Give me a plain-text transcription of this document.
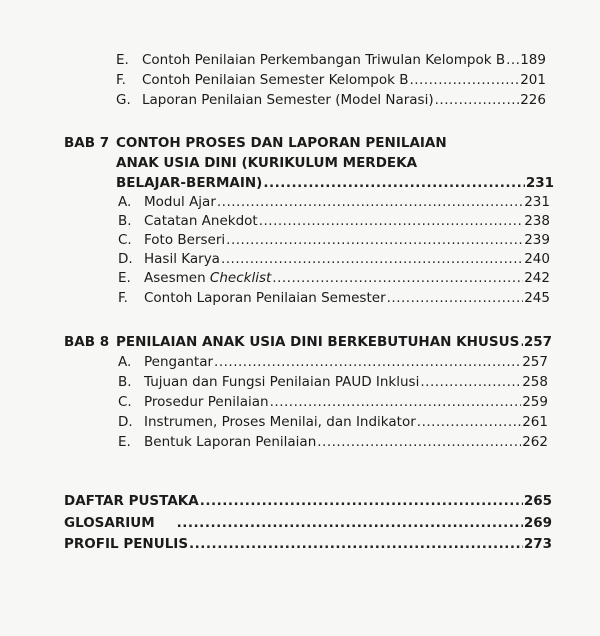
E. Contoh Penilaian Perkembangan Triwulan Kelompok B ..... 189
F.	Contoh Penilaian Semester Kelompok B .....	201
G. Laporan Penilaian Semester (Model Narasi) .....	226
BAB 7 CONTOH PROSES DAN LAPORAN PENILAIAN
ANAK USIA DINI (KURIKULUM MERDEKA
BELAJAR-BERMAIN) .....	231
A. Modul Ajar .....	231
B. Catatan Anekdot .....	238
C. Foto Berseri .....	239
D. Hasil Karya .....	240
E. Asesmen Checklist .....	242
F.	Contoh Laporan Penilaian Semester .....	245
BAB 8 PENILAIAN ANAK USIA DINI BERKEBUTUHAN KHUSUS ..... 257
A. Pengantar .....	257
B. Tujuan dan Fungsi Penilaian PAUD Inklusi .....	258
C. Prosedur Penilaian .....	259
D. Instrumen, Proses Menilai, dan Indikator .....	261
E. Bentuk Laporan Penilaian .....	262
DAFTAR PUSTAKA .....	265
GLOSARIUM .....	269
PROFIL PENULIS .....	273
